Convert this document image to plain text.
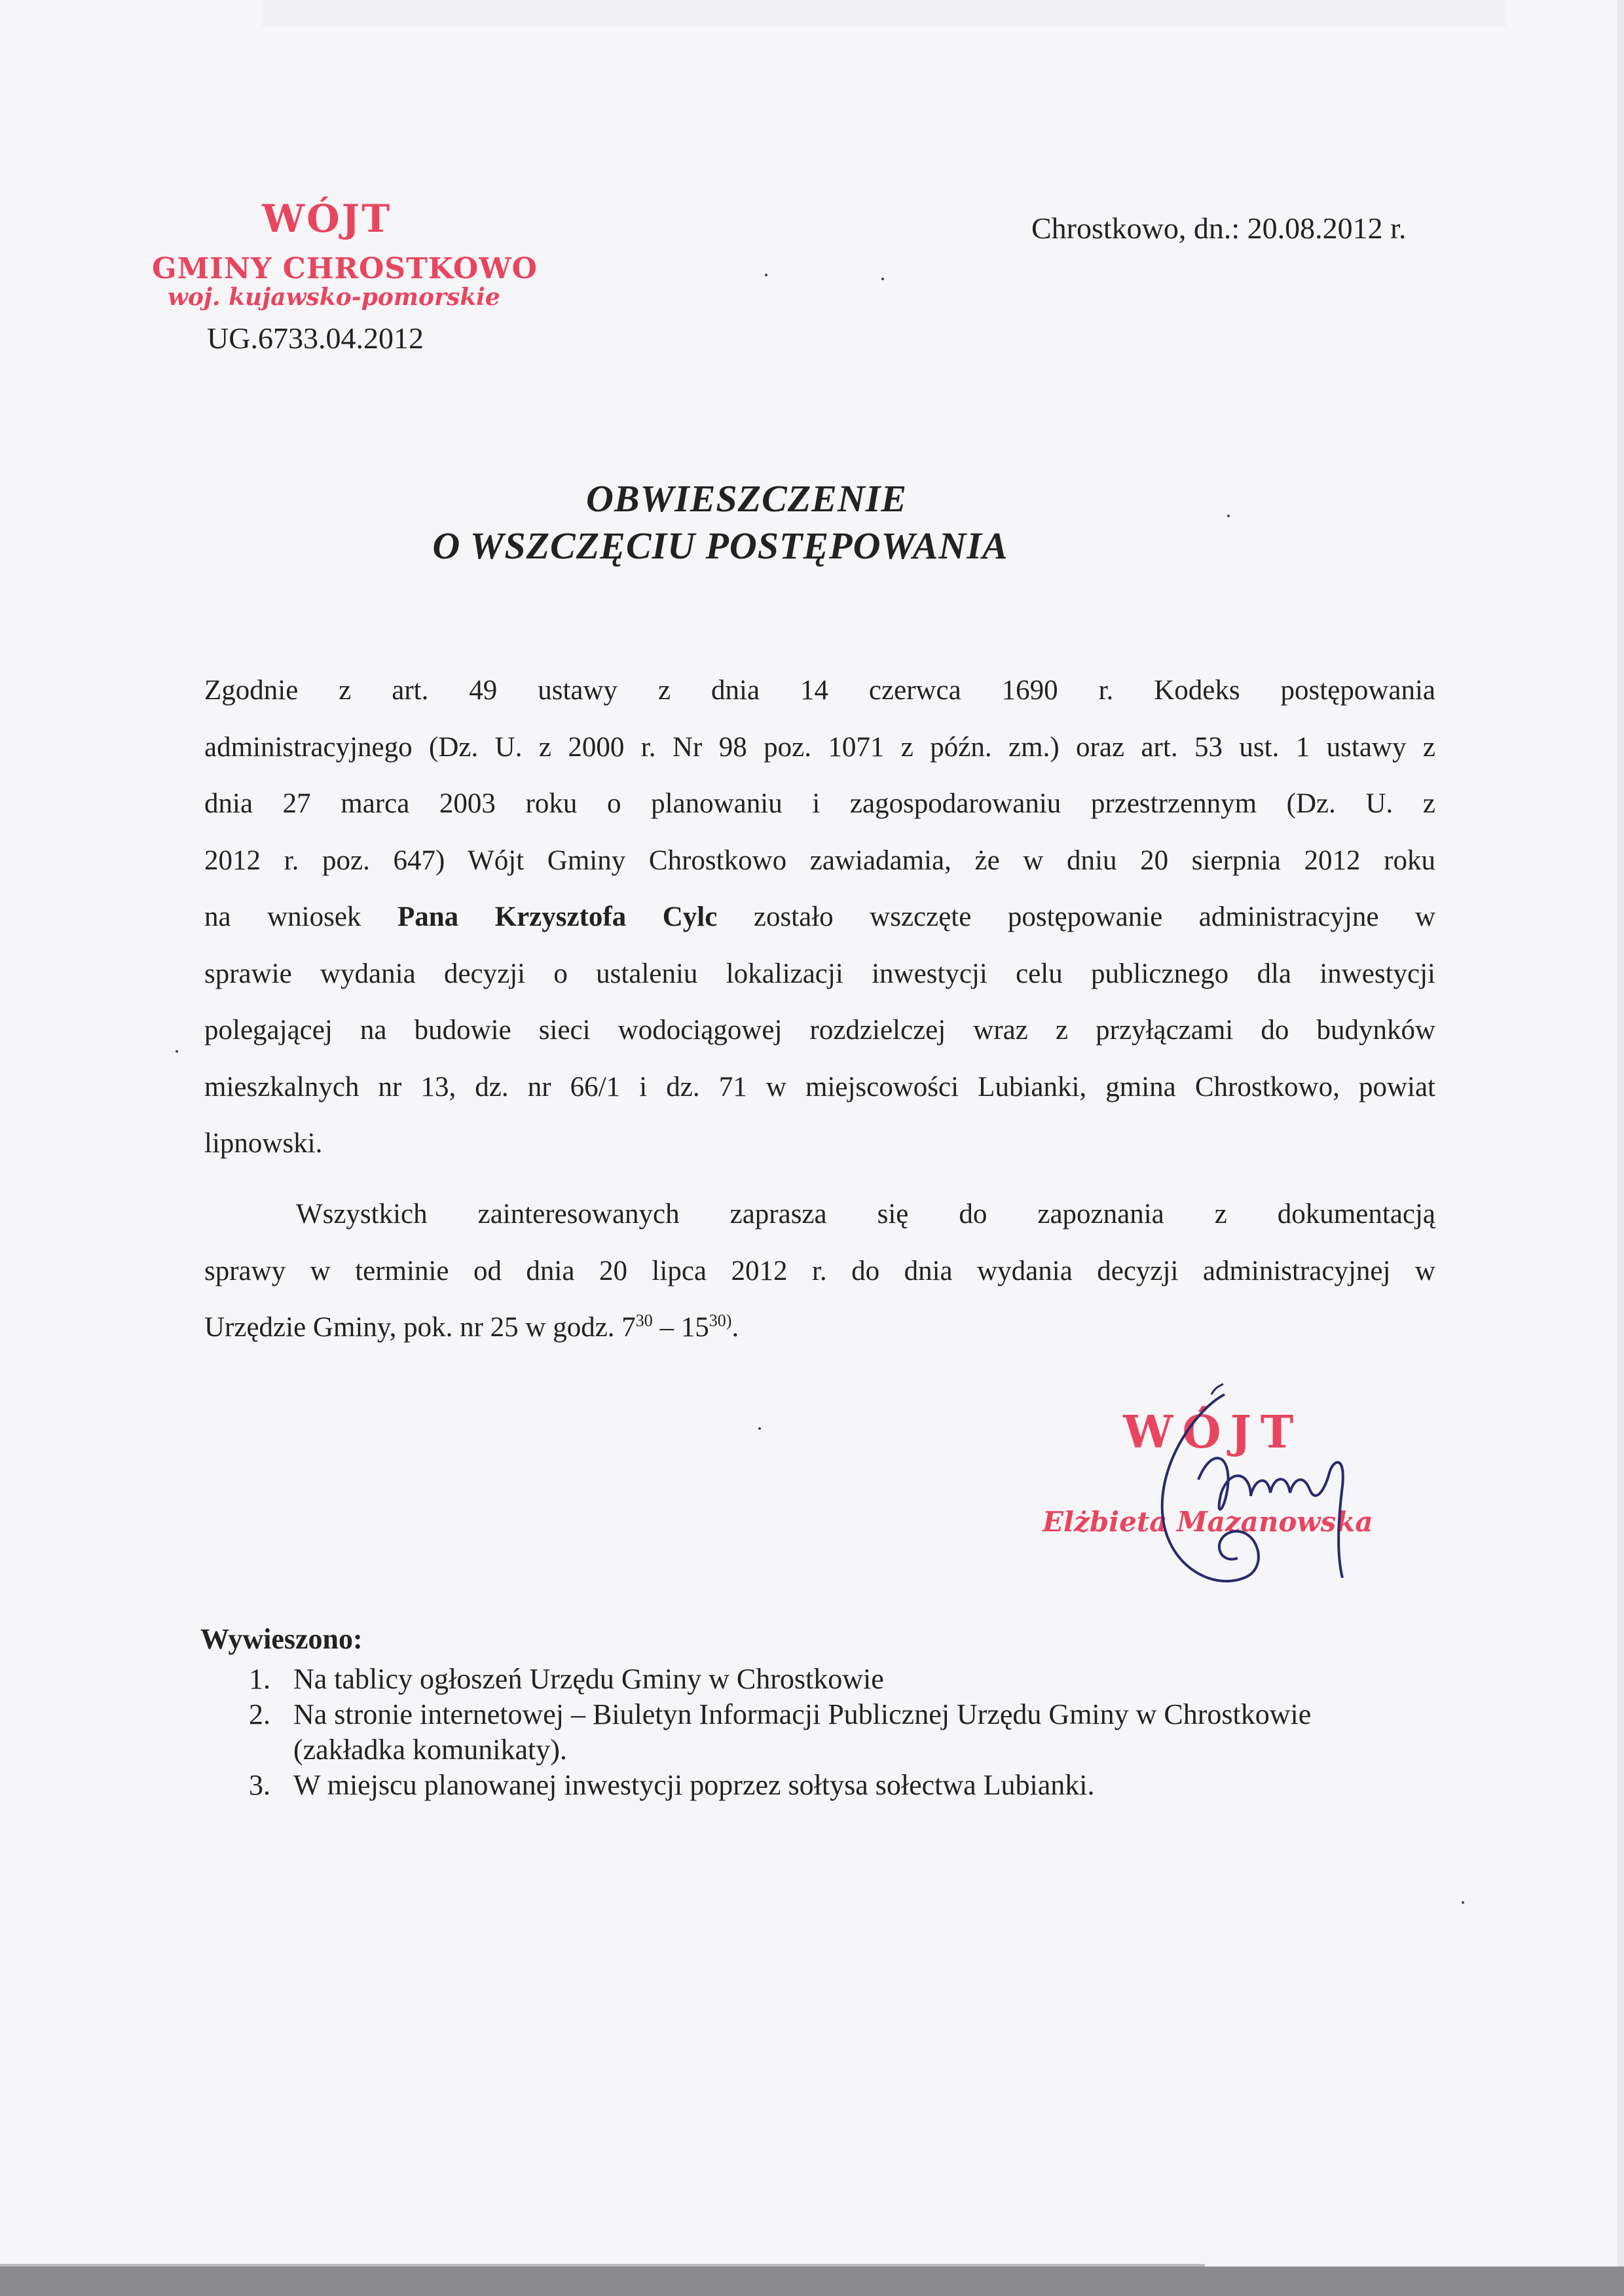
WÓJT
GMINY CHROSTKOWO
woj. kujawsko-pomorskie
UG.6733.04.2012
Chrostkowo, dn.: 20.08.2012 r.
OBWIESZCZENIE
O WSZCZĘCIU POSTĘPOWANIA
Zgodnie z art. 49 ustawy z dnia 14 czerwca 1690 r. Kodeks postępowania
administracyjnego (Dz. U. z 2000 r. Nr 98 poz. 1071 z późn. zm.) oraz art. 53 ust. 1 ustawy z
dnia 27 marca 2003 roku o planowaniu i zagospodarowaniu przestrzennym (Dz. U. z
2012 r. poz. 647) Wójt Gminy Chrostkowo zawiadamia, że w dniu 20 sierpnia 2012 roku
na wniosek Pana Krzysztofa Cylc zostało wszczęte postępowanie administracyjne w
sprawie wydania decyzji o ustaleniu lokalizacji inwestycji celu publicznego dla inwestycji
polegającej na budowie sieci wodociągowej rozdzielczej wraz z przyłączami do budynków
mieszkalnych nr 13, dz. nr 66/1 i dz. 71 w miejscowości Lubianki, gmina Chrostkowo, powiat
lipnowski.
Wszystkich zainteresowanych zaprasza się do zapoznania z dokumentacją
sprawy w terminie od dnia 20 lipca 2012 r. do dnia wydania decyzji administracyjnej w
Urzędzie Gminy, pok. nr 25 w godz. $7^{30} - 15^{30)}$.
WÓJT
Elżbieta Mazanowska
Wywieszono:
1. Na tablicy ogłoszeń Urzędu Gminy w Chrostkowie
2. Na stronie internetowej – Biuletyn Informacji Publicznej Urzędu Gminy w Chrostkowie (zakładka komunikaty).
3. W miejscu planowanej inwestycji poprzez sołtysa sołectwa Lubianki.
